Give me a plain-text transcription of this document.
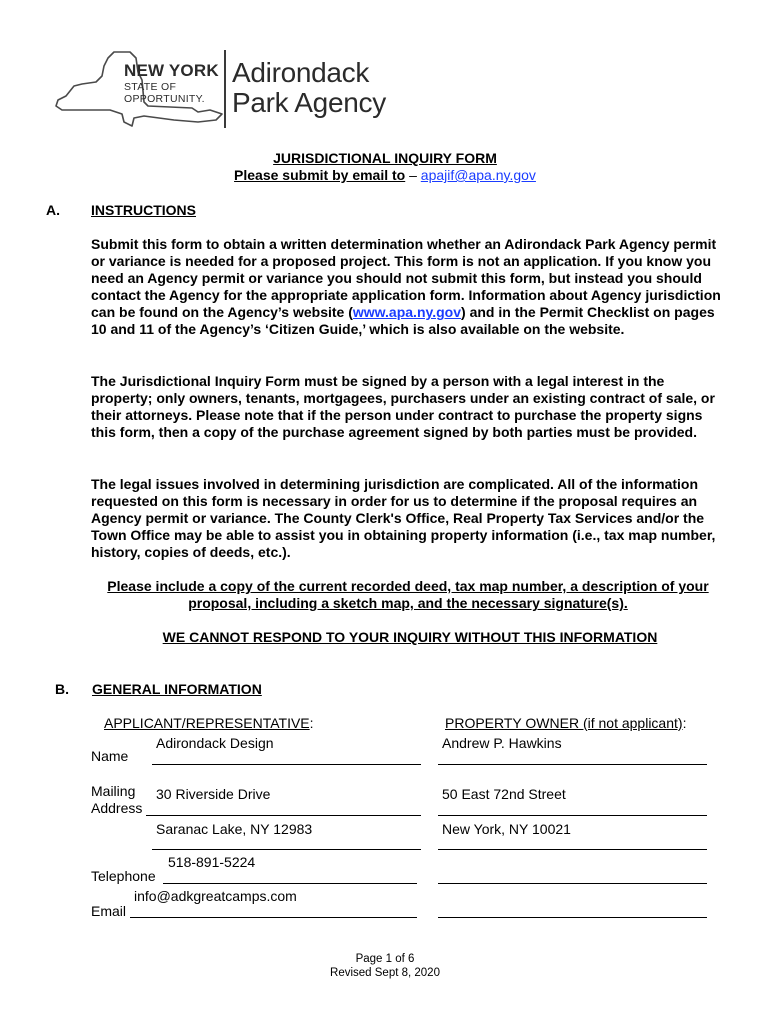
NEW YORK
STATE OF
OPPORTUNITY.
Adirondack
Park Agency
JURISDICTIONAL INQUIRY FORM
Please submit by email to – apajif@apa.ny.gov
A. INSTRUCTIONS

Submit this form to obtain a written determination whether an Adirondack Park Agency permit or variance is needed for a proposed project. This form is not an application. If you know you need an Agency permit or variance you should not submit this form, but instead you should contact the Agency for the appropriate application form. Information about Agency jurisdiction can be found on the Agency’s website (www.apa.ny.gov) and in the Permit Checklist on pages 10 and 11 of the Agency’s ‘Citizen Guide,’ which is also available on the website.

The Jurisdictional Inquiry Form must be signed by a person with a legal interest in the property; only owners, tenants, mortgagees, purchasers under an existing contract of sale, or their attorneys. Please note that if the person under contract to purchase the property signs this form, then a copy of the purchase agreement signed by both parties must be provided.

The legal issues involved in determining jurisdiction are complicated. All of the information requested on this form is necessary in order for us to determine if the proposal requires an Agency permit or variance. The County Clerk's Office, Real Property Tax Services and/or the Town Office may be able to assist you in obtaining property information (i.e., tax map number, history, copies of deeds, etc.).

Please include a copy of the current recorded deed, tax map number, a description of your proposal, including a sketch map, and the necessary signature(s).

WE CANNOT RESPOND TO YOUR INQUIRY WITHOUT THIS INFORMATION

B. GENERAL INFORMATION
APPLICANT/REPRESENTATIVE:	PROPERTY OWNER (if not applicant):
Name
Adirondack Design	Andrew P. Hawkins
Mailing
Address
30 Riverside Drive	50 East 72nd Street
Saranac Lake, NY 12983	New York, NY 10021
Telephone
518-891-5224
Email
info@adkgreatcamps.com
Page 1 of 6
Revised Sept 8, 2020
